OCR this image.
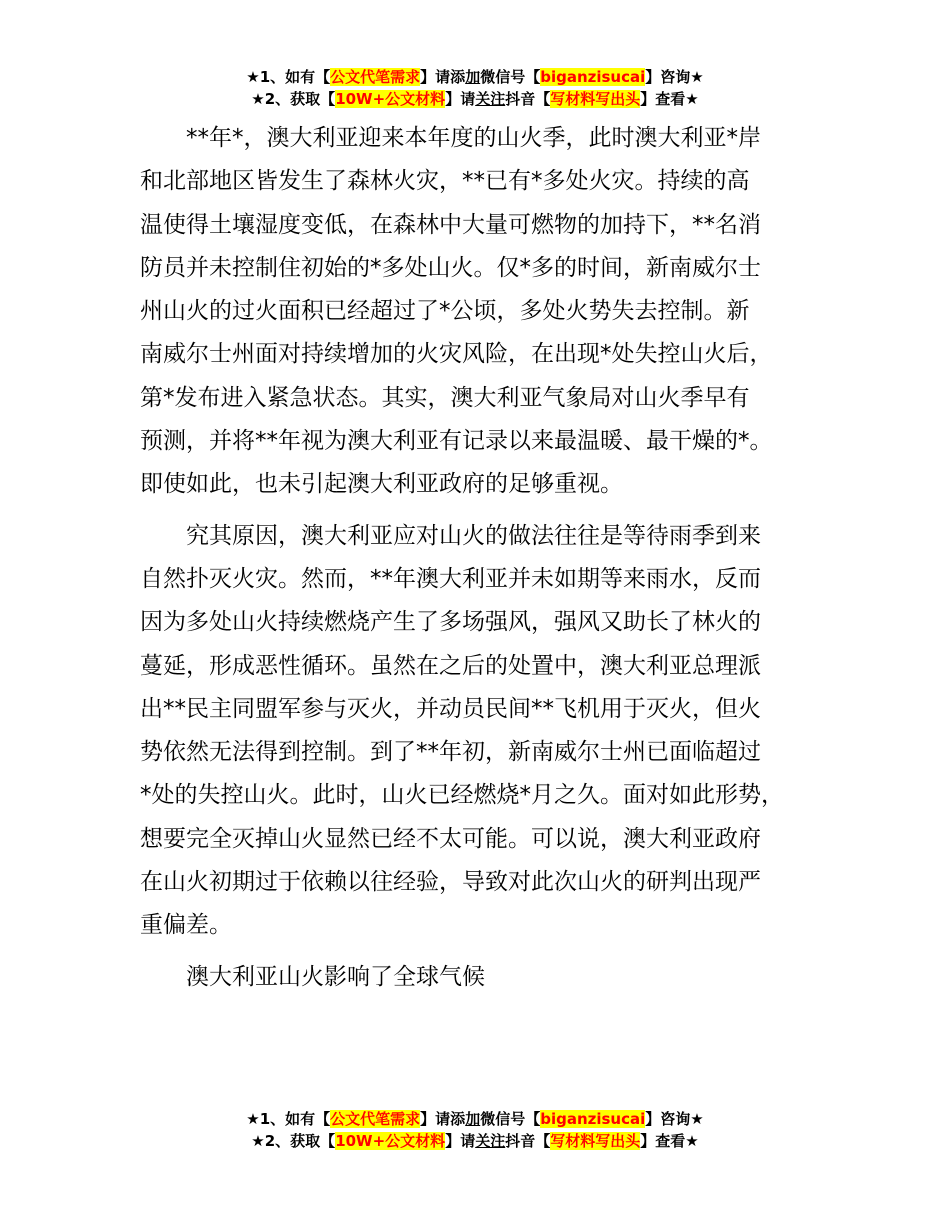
★1、如有【公文代笔需求】请添加微信号【biganzisucai】咨询★
★2、获取【10W+公文材料】请关注抖音【写材料写出头】查看★

**年*，澳大利亚迎来本年度的山火季，此时澳大利亚*岸
和北部地区皆发生了森林火灾，**已有*多处火灾。持续的高
温使得土壤湿度变低，在森林中大量可燃物的加持下，**名消
防员并未控制住初始的*多处山火。仅*多的时间，新南威尔士
州山火的过火面积已经超过了*公顷，多处火势失去控制。新
南威尔士州面对持续增加的火灾风险，在出现*处失控山火后，
第*发布进入紧急状态。其实，澳大利亚气象局对山火季早有
预测，并将**年视为澳大利亚有记录以来最温暖、最干燥的*。
即使如此，也未引起澳大利亚政府的足够重视。

究其原因，澳大利亚应对山火的做法往往是等待雨季到来
自然扑灭火灾。然而，**年澳大利亚并未如期等来雨水，反而
因为多处山火持续燃烧产生了多场强风，强风又助长了林火的
蔓延，形成恶性循环。虽然在之后的处置中，澳大利亚总理派
出**民主同盟军参与灭火，并动员民间**飞机用于灭火，但火
势依然无法得到控制。到了**年初，新南威尔士州已面临超过
*处的失控山火。此时，山火已经燃烧*月之久。面对如此形势，
想要完全灭掉山火显然已经不太可能。可以说，澳大利亚政府
在山火初期过于依赖以往经验，导致对此次山火的研判出现严
重偏差。

澳大利亚山火影响了全球气候

★1、如有【公文代笔需求】请添加微信号【biganzisucai】咨询★
★2、获取【10W+公文材料】请关注抖音【写材料写出头】查看★
